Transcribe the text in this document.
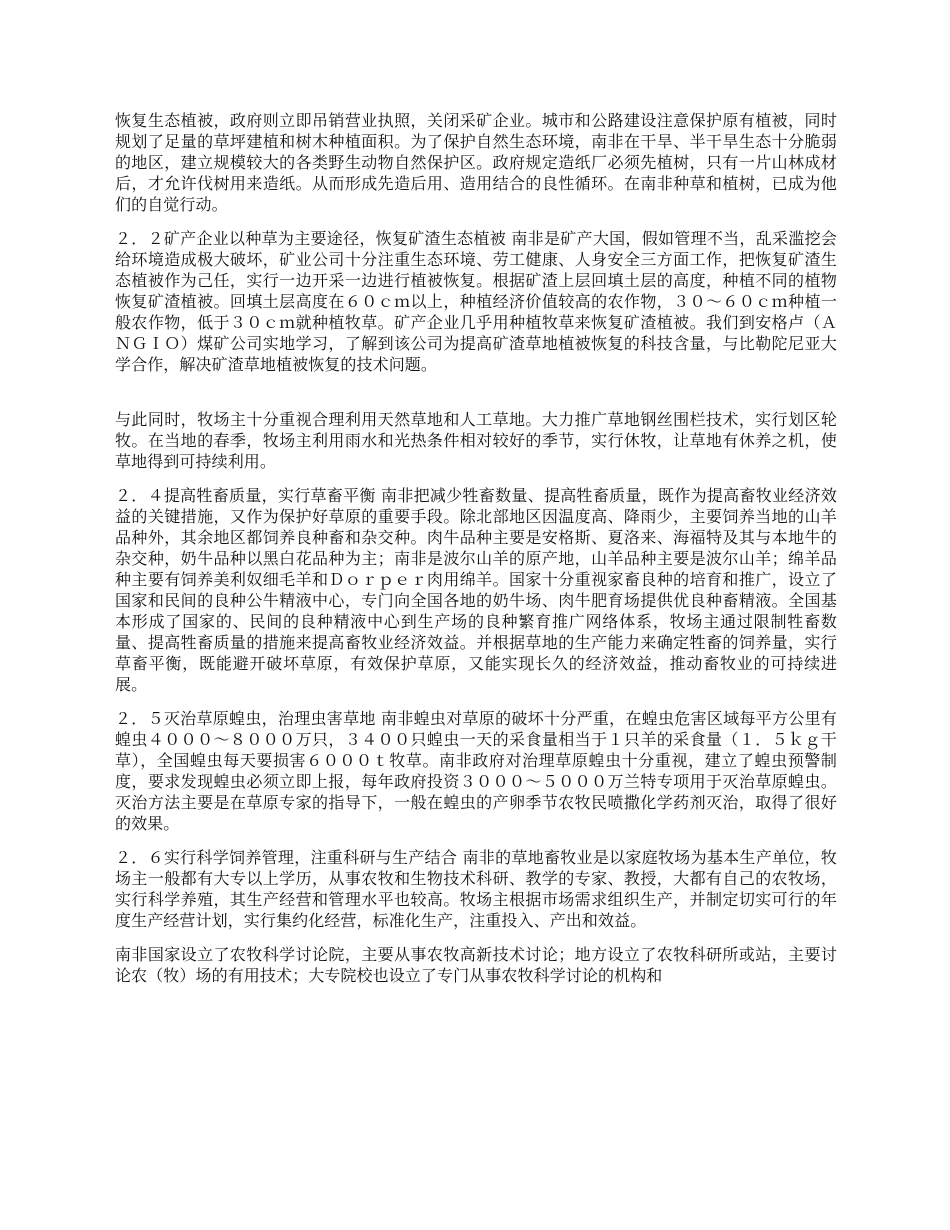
恢复生态植被，政府则立即吊销营业执照，关闭采矿企业。城市和公路建设注意保护原有植被，同时规划了足量的草坪建植和树木种植面积。为了保护自然生态环境，南非在干旱、半干旱生态十分脆弱的地区，建立规模较大的各类野生动物自然保护区。政府规定造纸厂必须先植树，只有一片山林成材后，才允许伐树用来造纸。从而形成先造后用、造用结合的良性循环。在南非种草和植树，已成为他们的自觉行动。

２．２矿产企业以种草为主要途径，恢复矿渣生态植被 南非是矿产大国，假如管理不当，乱采滥挖会给环境造成极大破坏，矿业公司十分注重生态环境、劳工健康、人身安全三方面工作，把恢复矿渣生态植被作为己任，实行一边开采一边进行植被恢复。根据矿渣上层回填土层的高度，种植不同的植物恢复矿渣植被。回填土层高度在６０ｃｍ以上，种植经济价值较高的农作物，３０～６０ｃｍ种植一般农作物，低于３０ｃｍ就种植牧草。矿产企业几乎用种植牧草来恢复矿渣植被。我们到安格卢（ＡＮＧＩＯ）煤矿公司实地学习，了解到该公司为提高矿渣草地植被恢复的科技含量，与比勒陀尼亚大学合作，解决矿渣草地植被恢复的技术问题。

与此同时，牧场主十分重视合理利用天然草地和人工草地。大力推广草地钢丝围栏技术，实行划区轮牧。在当地的春季，牧场主利用雨水和光热条件相对较好的季节，实行休牧，让草地有休养之机，使草地得到可持续利用。

２．４提高牲畜质量，实行草畜平衡 南非把减少牲畜数量、提高牲畜质量，既作为提高畜牧业经济效益的关键措施，又作为保护好草原的重要手段。除北部地区因温度高、降雨少，主要饲养当地的山羊品种外，其余地区都饲养良种畜和杂交种。肉牛品种主要是安格斯、夏洛来、海福特及其与本地牛的杂交种，奶牛品种以黑白花品种为主；南非是波尔山羊的原产地，山羊品种主要是波尔山羊；绵羊品种主要有饲养美利奴细毛羊和Ｄｏｒｐｅｒ肉用绵羊。国家十分重视家畜良种的培育和推广，设立了国家和民间的良种公牛精液中心，专门向全国各地的奶牛场、肉牛肥育场提供优良种畜精液。全国基本形成了国家的、民间的良种精液中心到生产场的良种繁育推广网络体系，牧场主通过限制牲畜数量、提高牲畜质量的措施来提高畜牧业经济效益。并根据草地的生产能力来确定牲畜的饲养量，实行草畜平衡，既能避开破坏草原，有效保护草原，又能实现长久的经济效益，推动畜牧业的可持续进展。

２．５灭治草原蝗虫，治理虫害草地 南非蝗虫对草原的破坏十分严重，在蝗虫危害区域每平方公里有蝗虫４０００～８０００万只，３４００只蝗虫一天的采食量相当于１只羊的采食量（１．５ｋｇ干草），全国蝗虫每天要损害６０００ｔ牧草。南非政府对治理草原蝗虫十分重视，建立了蝗虫预警制度，要求发现蝗虫必须立即上报，每年政府投资３０００～５０００万兰特专项用于灭治草原蝗虫。灭治方法主要是在草原专家的指导下，一般在蝗虫的产卵季节农牧民喷撒化学药剂灭治，取得了很好的效果。

２．６实行科学饲养管理，注重科研与生产结合 南非的草地畜牧业是以家庭牧场为基本生产单位，牧场主一般都有大专以上学历，从事农牧和生物技术科研、教学的专家、教授，大都有自己的农牧场，实行科学养殖，其生产经营和管理水平也较高。牧场主根据市场需求组织生产，并制定切实可行的年度生产经营计划，实行集约化经营，标准化生产，注重投入、产出和效益。

南非国家设立了农牧科学讨论院，主要从事农牧高新技术讨论；地方设立了农牧科研所或站，主要讨论农（牧）场的有用技术；大专院校也设立了专门从事农牧科学讨论的机构和
